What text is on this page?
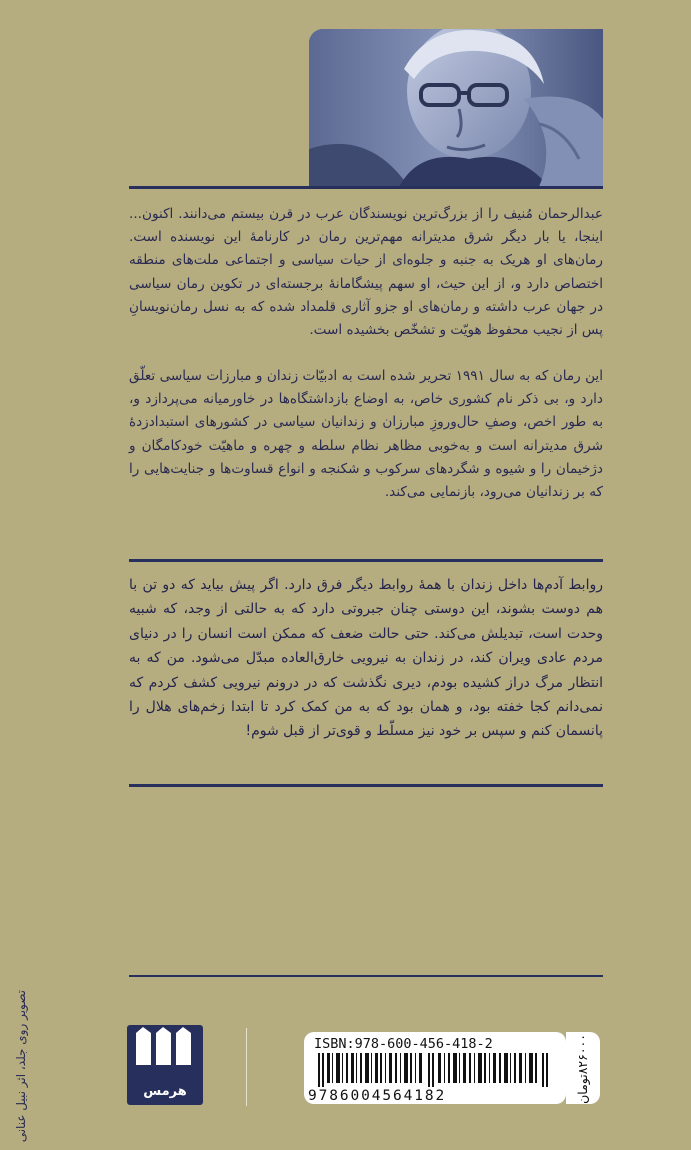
عبدالرحمان مُنیف را از بزرگ‌ترین نویسندگان عرب در قرن بیستم می‌دانند. اکنون... اینجا، یا بار دیگر شرق مدیترانه مهم‌ترین رمان در کارنامهٔ این نویسنده است. رمان‌های او هریک به جنبه و جلوه‌ای از حیات سیاسی و اجتماعی ملت‌های منطقه اختصاص دارد و، از این حیث، او سهم پیشگامانهٔ برجسته‌ای در تکوین رمان سیاسی در جهان عرب داشته و رمان‌های او جزو آثاری قلمداد شده که به نسل رمان‌نویسانِ پس از نجیب محفوظ هویّت و تشخّص بخشیده است.

این رمان که به سال ۱۹۹۱ تحریر شده است به ادبیّات زندان و مبارزات سیاسی تعلّق دارد و، بی ذکر نام کشوری خاص، به اوضاع بازداشتگاه‌ها در خاورمیانه می‌پردازد و، به طور اخص، وصفِ حال‌وروزِ مبارزان و زندانیان سیاسی در کشورهای استبدادزدهٔ شرق مدیترانه است و به‌خوبی مظاهر نظام سلطه و چهره و ماهیّت خودکامگان و دژخیمان را و شیوه و شگردهای سرکوب و شکنجه و انواع قساوت‌ها و جنایت‌هایی را که بر زندانیان می‌رود، بازنمایی می‌کند.

روابط آدم‌ها داخل زندان با همهٔ روابط دیگر فرق دارد. اگر پیش بیاید که دو تن با هم دوست بشوند، این دوستی چنان جبروتی دارد که به حالتی از وجد، که شبیه وحدت است، تبدیلش می‌کند. حتی حالت ضعف که ممکن است انسان را در دنیای مردم عادی ویران کند، در زندان به نیرویی خارق‌العاده مبدّل می‌شود. من که به انتظار مرگ دراز کشیده بودم، دیری نگذشت که در درونم نیرویی کشف کردم که نمی‌دانم کجا خفته بود، و همان بود که به من کمک کرد تا ابتدا زخم‌های هلال را پانسمان کنم و سپس بر خود نیز مسلّط و قوی‌تر از قبل شوم!

تصویر روی جلد، اثر نبیل عنانی	هرمس
ISBN:978-600-456-418-2
9786004564182	۸۲۶۰۰۰تومان
